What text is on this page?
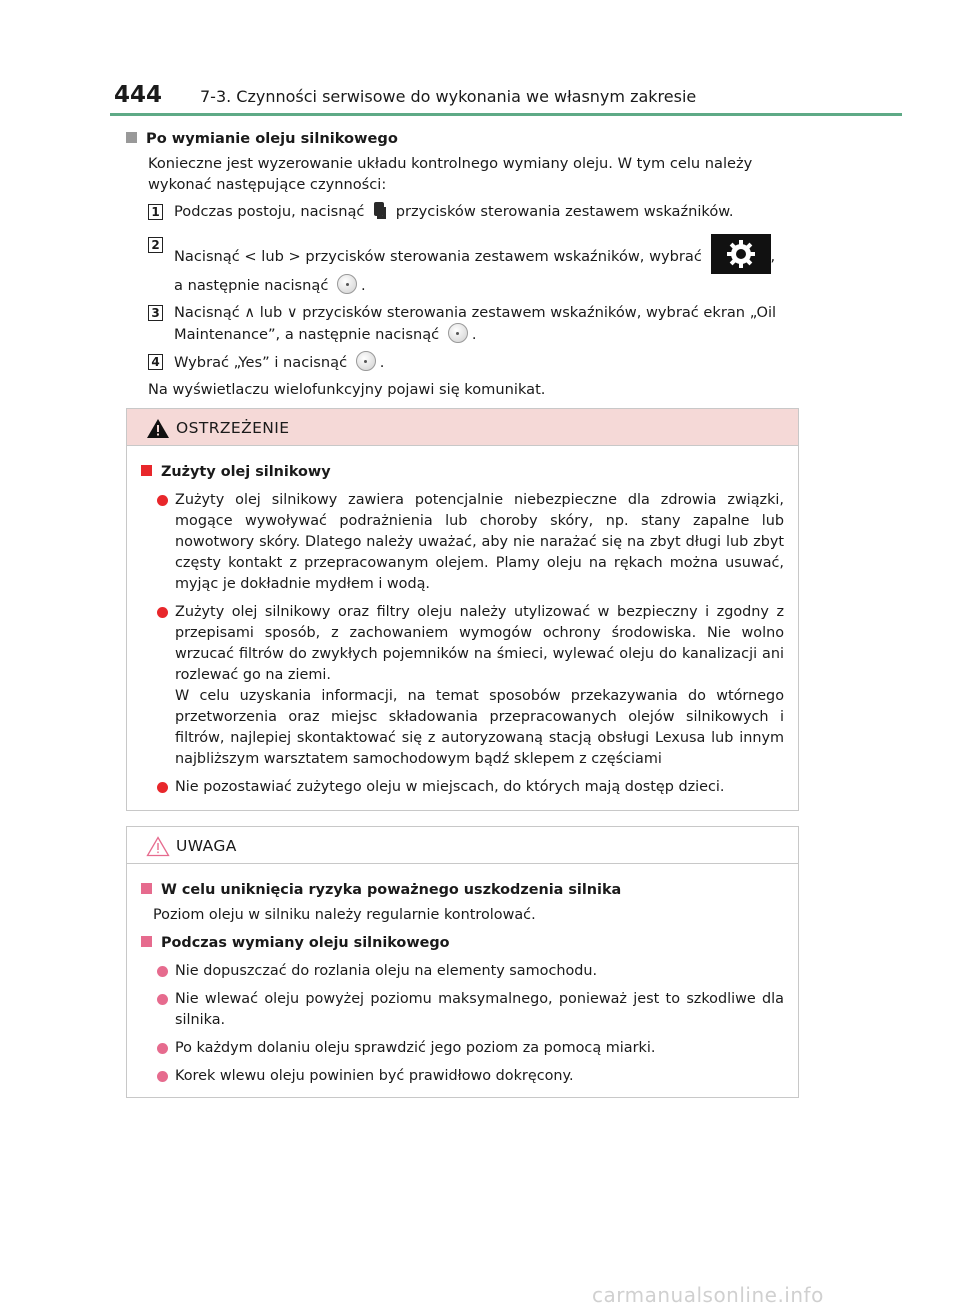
444 7-3. Czynności serwisowe do wykonania we własnym zakresie
Po wymianie oleju silnikowego
Konieczne jest wyzerowanie układu kontrolnego wymiany oleju. W tym celu należy wykonać następujące czynności:
1 Podczas postoju, nacisnąć przycisków sterowania zestawem wskaźników.
2
Nacisnąć < lub > przycisków sterowania zestawem wskaźników, wybrać	,
a następnie nacisnąć .
3 Nacisnąć ∧ lub ∨ przycisków sterowania zestawem wskaźników, wybrać ekran „Oil Maintenance”, a następnie nacisnąć .
4 Wybrać „Yes” i nacisnąć .
Na wyświetlaczu wielofunkcyjny pojawi się komunikat.
OSTRZEŻENIE
Zużyty olej silnikowy
Zużyty olej silnikowy zawiera potencjalnie niebezpieczne dla zdrowia związki, mogące wywoływać podrażnienia lub choroby skóry, np. stany zapalne lub nowotwory skóry. Dlatego należy uważać, aby nie narażać się na zbyt długi lub zbyt częsty kontakt z przepracowanym olejem. Plamy oleju na rękach można usuwać, myjąc je dokładnie mydłem i wodą.
Zużyty olej silnikowy oraz filtry oleju należy utylizować w bezpieczny i zgodny z przepisami sposób, z zachowaniem wymogów ochrony środowiska. Nie wolno wrzucać filtrów do zwykłych pojemników na śmieci, wylewać oleju do kanalizacji ani rozlewać go na ziemi.
W celu uzyskania informacji, na temat sposobów przekazywania do wtórnego przetworzenia oraz miejsc składowania przepracowanych olejów silnikowych i filtrów, najlepiej skontaktować się z autoryzowaną stacją obsługi Lexusa lub innym najbliższym warsztatem samochodowym bądź sklepem z częściami
Nie pozostawiać zużytego oleju w miejscach, do których mają dostęp dzieci.
UWAGA
W celu uniknięcia ryzyka poważnego uszkodzenia silnika
Poziom oleju w silniku należy regularnie kontrolować.
Podczas wymiany oleju silnikowego
Nie dopuszczać do rozlania oleju na elementy samochodu.
Nie wlewać oleju powyżej poziomu maksymalnego, ponieważ jest to szkodliwe dla silnika.
Po każdym dolaniu oleju sprawdzić jego poziom za pomocą miarki.
Korek wlewu oleju powinien być prawidłowo dokręcony.
carmanualsonline.info
